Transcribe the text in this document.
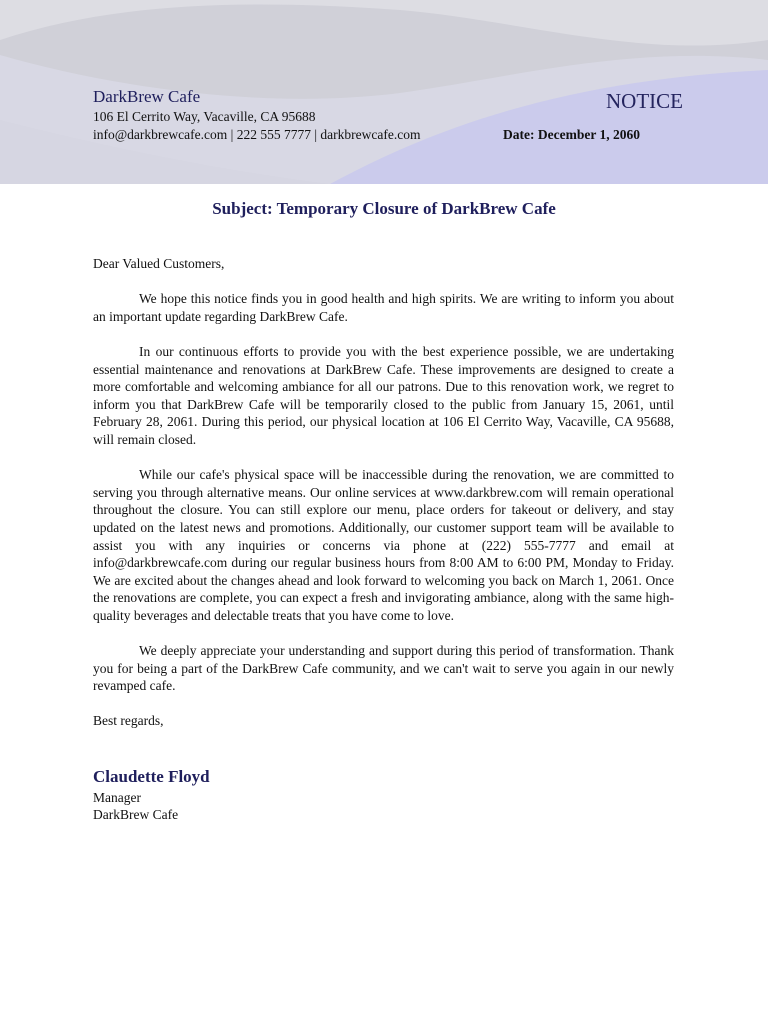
DarkBrew Cafe
106 El Cerrito Way, Vacaville, CA 95688
info@darkbrewcafe.com | 222 555 7777 | darkbrewcafe.com
NOTICE
Date: December 1, 2060
Subject: Temporary Closure of DarkBrew Cafe

Dear Valued Customers,

We hope this notice finds you in good health and high spirits. We are writing to inform you about an important update regarding DarkBrew Cafe.

In our continuous efforts to provide you with the best experience possible, we are undertaking essential maintenance and renovations at DarkBrew Cafe. These improvements are designed to create a more comfortable and welcoming ambiance for all our patrons. Due to this renovation work, we regret to inform you that DarkBrew Cafe will be temporarily closed to the public from January 15, 2061, until February 28, 2061. During this period, our physical location at 106 El Cerrito Way, Vacaville, CA 95688, will remain closed.

While our cafe's physical space will be inaccessible during the renovation, we are committed to serving you through alternative means. Our online services at www.darkbrew.com will remain operational throughout the closure. You can still explore our menu, place orders for takeout or delivery, and stay updated on the latest news and promotions. Additionally, our customer support team will be available to assist you with any inquiries or concerns via phone at (222) 555-7777 and email at info@darkbrewcafe.com during our regular business hours from 8:00 AM to 6:00 PM, Monday to Friday. We are excited about the changes ahead and look forward to welcoming you back on March 1, 2061. Once the renovations are complete, you can expect a fresh and invigorating ambiance, along with the same high-quality beverages and delectable treats that you have come to love.

We deeply appreciate your understanding and support during this period of transformation. Thank you for being a part of the DarkBrew Cafe community, and we can't wait to serve you again in our newly revamped cafe.

Best regards,

Claudette Floyd
Manager
DarkBrew Cafe
